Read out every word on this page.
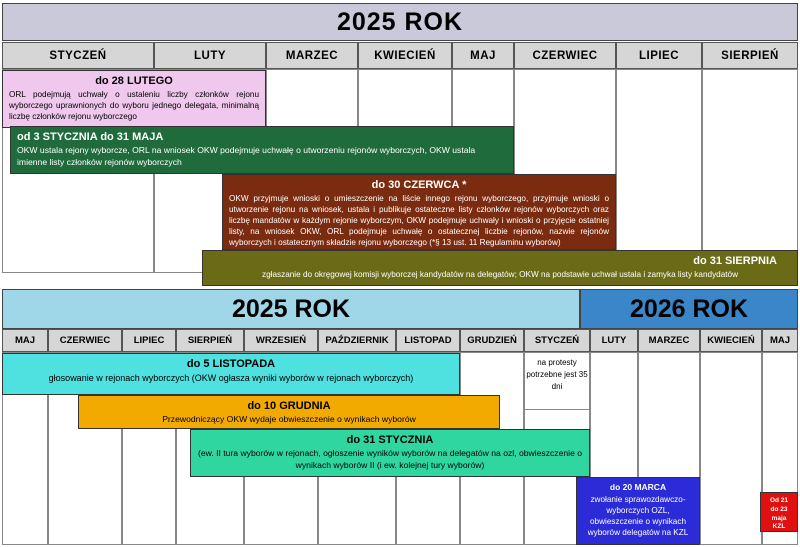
2025 ROK
STYCZEŃ	LUTY	MARZEC	KWIECIEŃ	MAJ	CZERWIEC	LIPIEC	SIERPIEŃ
do 28 LUTEGO
ORL podejmują uchwały o ustaleniu liczby członków rejonu wyborczego uprawnionych do wyboru jednego delegata, minimalną liczbę członków rejonu wyborczego
od 3 STYCZNIA do 31 MAJA
OKW ustala rejony wyborcze, ORL na wniosek OKW podejmuje uchwałę o utworzeniu rejonów wyborczych, OKW ustala imienne listy członków rejonów wyborczych
do 30 CZERWCA *
OKW przyjmuje wnioski o umieszczenie na liście innego rejonu wyborczego, przyjmuje wnioski o utworzenie rejonu na wniosek, ustala i publikuje ostateczne listy członków rejonów wyborczych oraz liczbę mandatów w każdym rejonie wyborczym, OKW podejmuje uchwały i wnioski o przyjęcie ostatniej listy, na wniosek OKW, ORL podejmuje uchwałę o ostatecznej liczbie rejonów, nazwie rejonów wyborczych i ostatecznym składzie rejonu wyborczego (*§ 13 ust. 11 Regulaminu wyborów)
do 31 SIERPNIA
zgłaszanie do okręgowej komisji wyborczej kandydatów na delegatów; OKW na podstawie uchwał ustala i zamyka listy kandydatów
2025 ROK	2026 ROK
MAJ	CZERWIEC	LIPIEC	SIERPIEŃ	WRZESIEŃ	PAŹDZIERNIK	LISTOPAD	GRUDZIEŃ	STYCZEŃ	LUTY	MARZEC	KWIECIEŃ	MAJ
na protesty potrzebne jest 35 dni
do 5 LISTOPADA
głosowanie w rejonach wyborczych (OKW ogłasza wyniki wyborów w rejonach wyborczych)
do 10 GRUDNIA
Przewodniczący OKW wydaje obwieszczenie o wynikach wyborów
do 31 STYCZNIA
(ew. II tura wyborów w rejonach, ogłoszenie wyników wyborów na delegatów na ozl, obwieszczenie o wynikach wyborów II (i ew. kolejnej tury wyborów)
do 20 MARCA
zwołanie sprawozdawczo-wyborczych OZL, obwieszczenie o wynikach wyborów delegatów na KZL
Od 21 do 23 maja KZL
